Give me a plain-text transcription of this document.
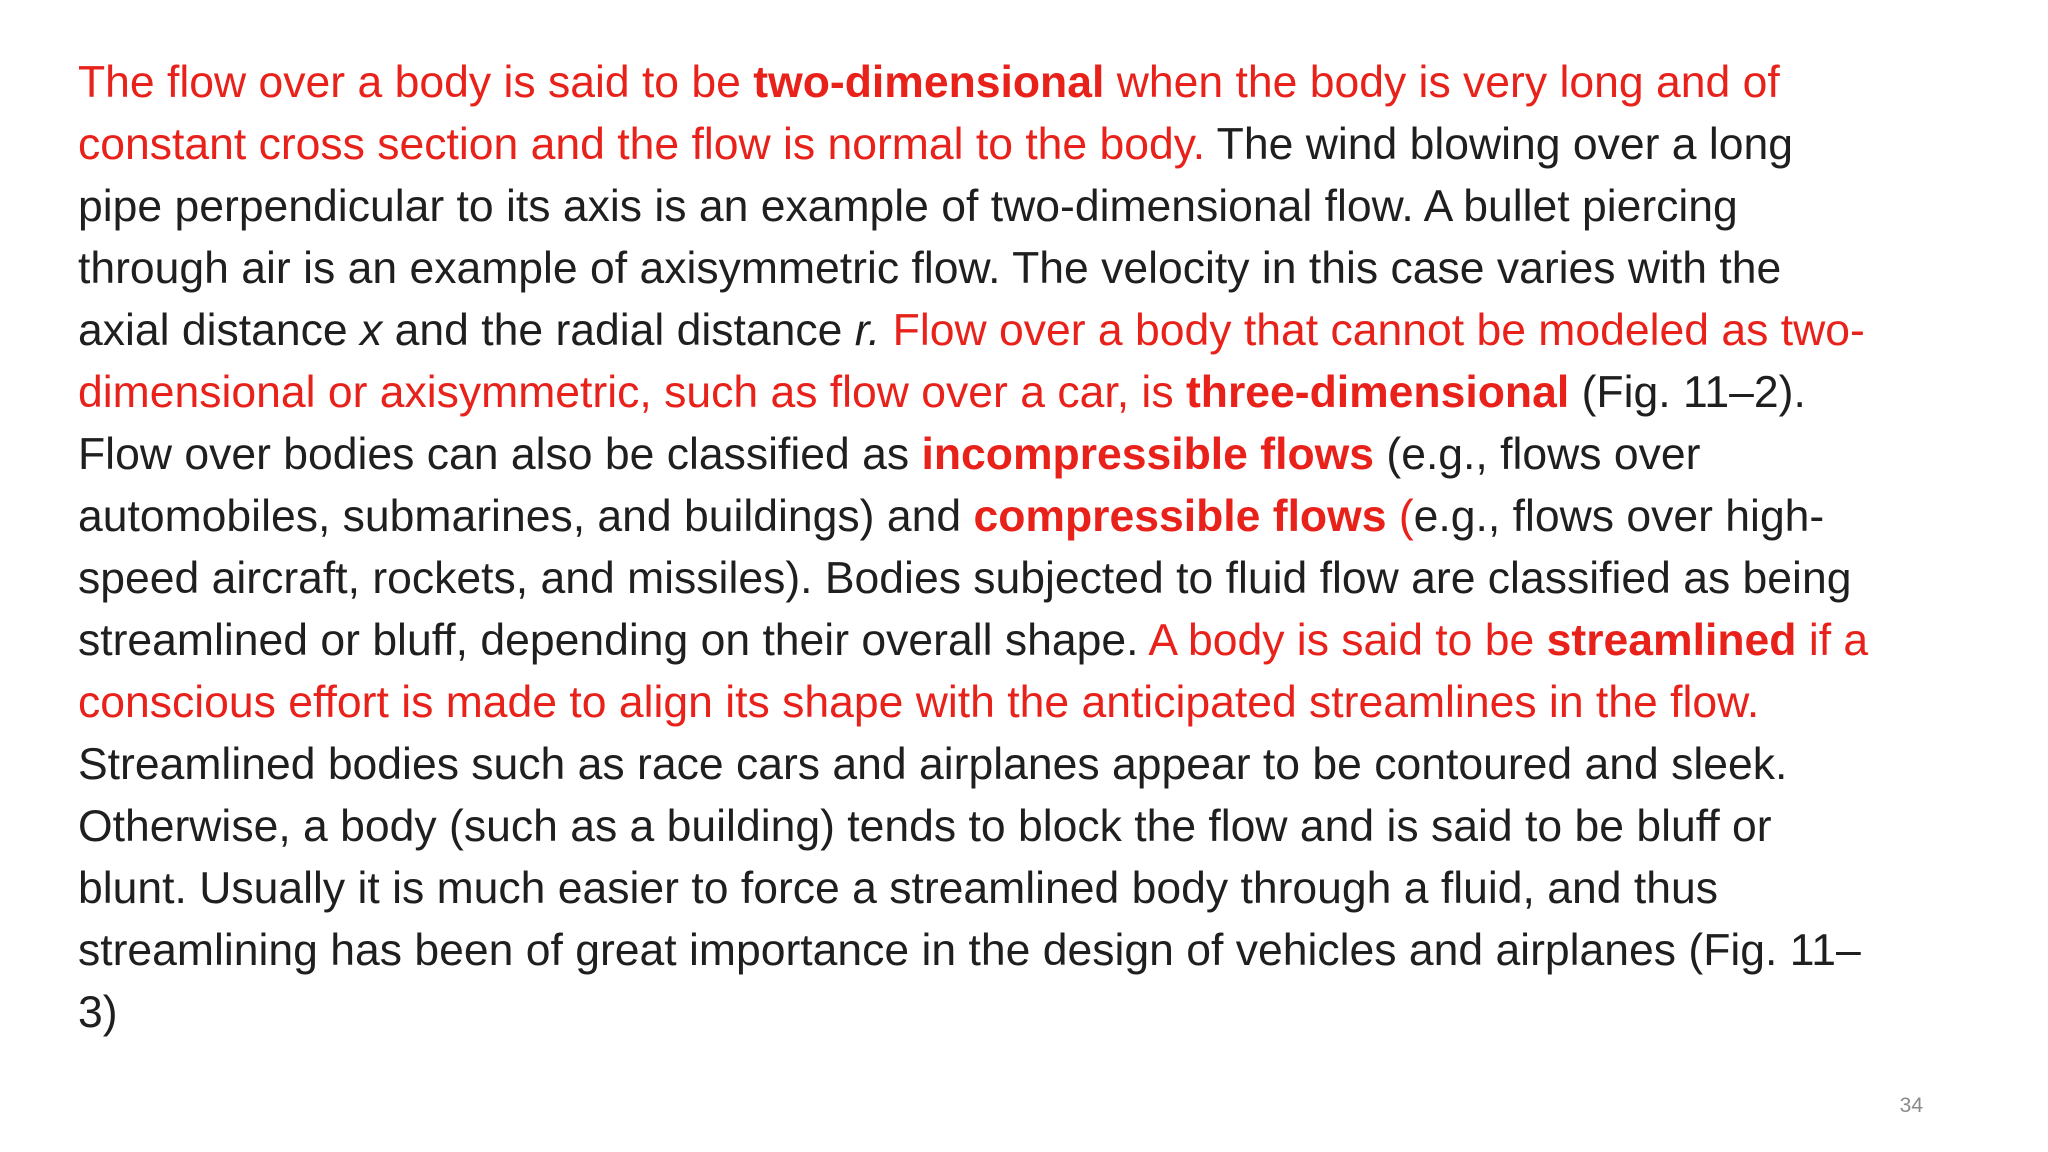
The flow over a body is said to be two-dimensional when the body is very long and of
constant cross section and the flow is normal to the body. The wind blowing over a long
pipe perpendicular to its axis is an example of two-dimensional flow. A bullet piercing
through air is an example of axisymmetric flow. The velocity in this case varies with the
axial distance x and the radial distance r. Flow over a body that cannot be modeled as two-
dimensional or axisymmetric, such as flow over a car, is three-dimensional (Fig. 11–2).
Flow over bodies can also be classified as incompressible flows (e.g., flows over
automobiles, submarines, and buildings) and compressible flows (e.g., flows over high-
speed aircraft, rockets, and missiles). Bodies subjected to fluid flow are classified as being
streamlined or bluff, depending on their overall shape. A body is said to be streamlined if a
conscious effort is made to align its shape with the anticipated streamlines in the flow.
Streamlined bodies such as race cars and airplanes appear to be contoured and sleek.
Otherwise, a body (such as a building) tends to block the flow and is said to be bluff or
blunt. Usually it is much easier to force a streamlined body through a fluid, and thus
streamlining has been of great importance in the design of vehicles and airplanes (Fig. 11–
3)
34
